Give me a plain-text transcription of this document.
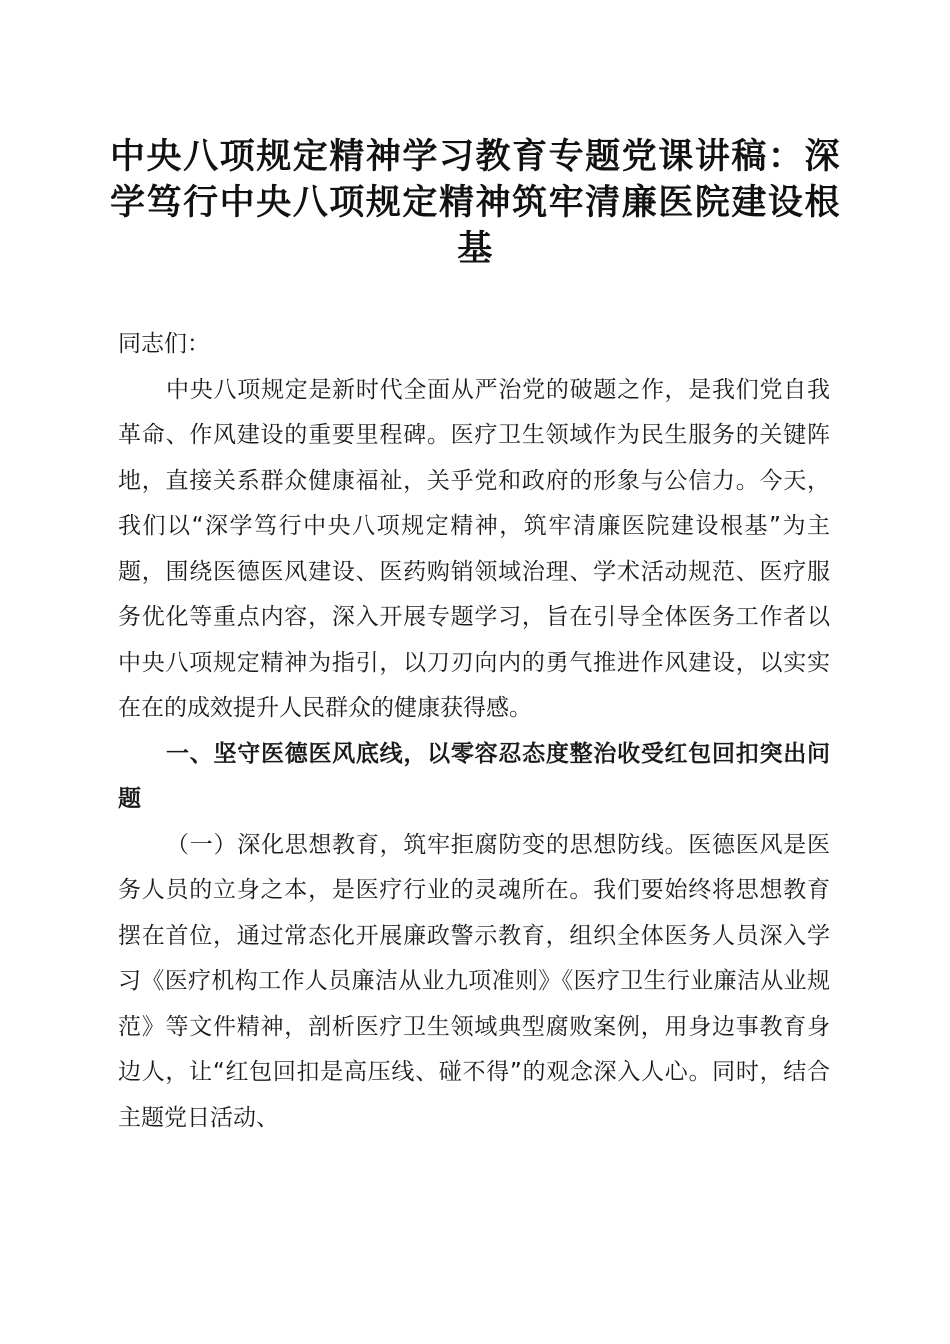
中央八项规定精神学习教育专题党课讲稿：深学笃行中央八项规定精神筑牢清廉医院建设根基

同志们：

中央八项规定是新时代全面从严治党的破题之作，是我们党自我革命、作风建设的重要里程碑。医疗卫生领域作为民生服务的关键阵地，直接关系群众健康福祉，关乎党和政府的形象与公信力。今天，我们以“深学笃行中央八项规定精神，筑牢清廉医院建设根基”为主题，围绕医德医风建设、医药购销领域治理、学术活动规范、医疗服务优化等重点内容，深入开展专题学习，旨在引导全体医务工作者以中央八项规定精神为指引，以刀刃向内的勇气推进作风建设，以实实在在的成效提升人民群众的健康获得感。

一、坚守医德医风底线，以零容忍态度整治收受红包回扣突出问题

（一）深化思想教育，筑牢拒腐防变的思想防线。医德医风是医务人员的立身之本，是医疗行业的灵魂所在。我们要始终将思想教育摆在首位，通过常态化开展廉政警示教育，组织全体医务人员深入学习《医疗机构工作人员廉洁从业九项准则》《医疗卫生行业廉洁从业规范》等文件精神，剖析医疗卫生领域典型腐败案例，用身边事教育身边人，让“红包回扣是高压线、碰不得”的观念深入人心。同时，结合主题党日活动、
